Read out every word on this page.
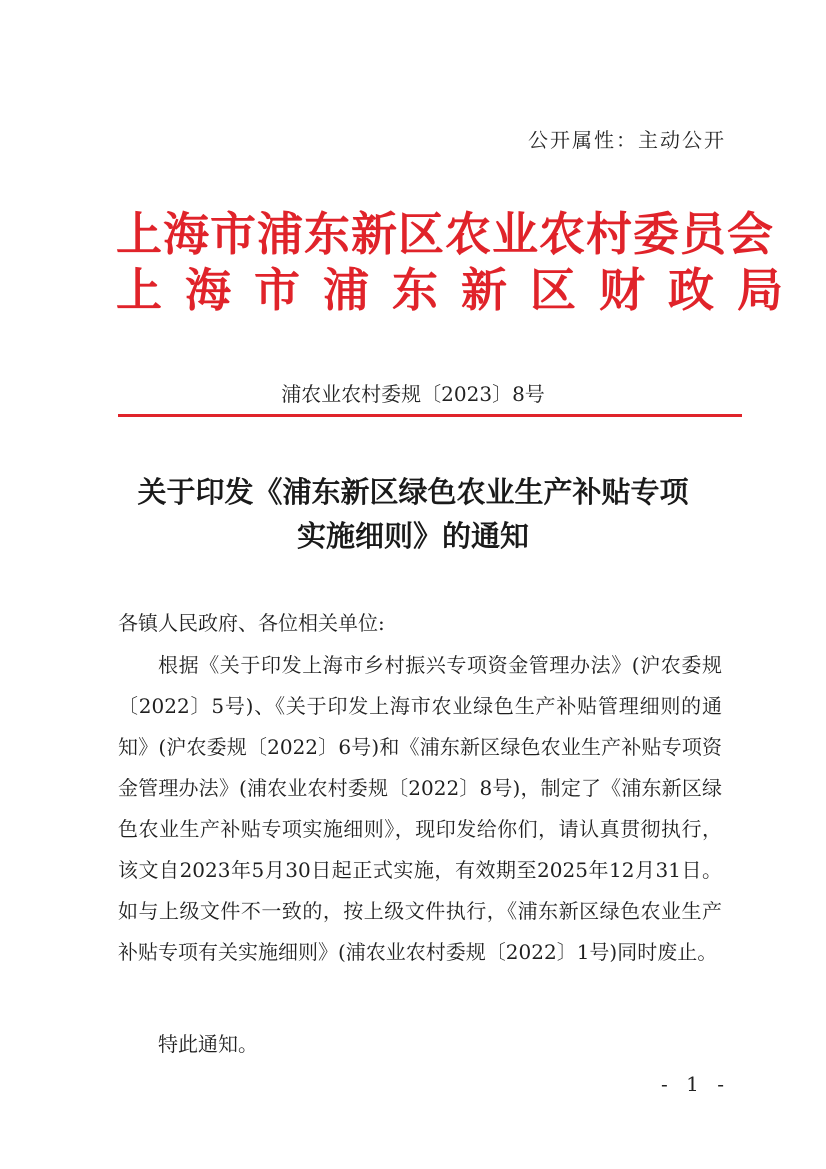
公开属性：主动公开
上海市浦东新区农业农村委员会
上海市浦东新区财政局
浦农业农村委规〔2023〕8号
关于印发《浦东新区绿色农业生产补贴专项
实施细则》的通知
各镇人民政府、各位相关单位:
根据《关于印发上海市乡村振兴专项资金管理办法》(沪农委规〔2022〕5号)、《关于印发上海市农业绿色生产补贴管理细则的通知》(沪农委规〔2022〕6号)和《浦东新区绿色农业生产补贴专项资金管理办法》(浦农业农村委规〔2022〕8号)，制定了《浦东新区绿色农业生产补贴专项实施细则》，现印发给你们，请认真贯彻执行，该文自2023年5月30日起正式实施，有效期至2025年12月31日。如与上级文件不一致的，按上级文件执行，《浦东新区绿色农业生产补贴专项有关实施细则》(浦农业农村委规〔2022〕1号)同时废止。
特此通知。
- 1 -
